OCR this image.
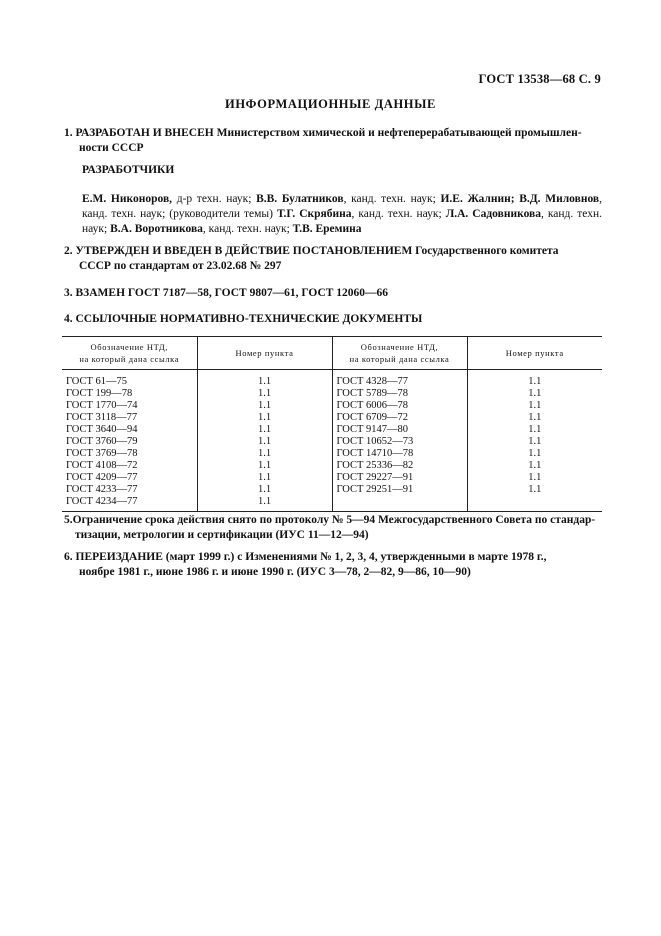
ГОСТ 13538—68 С. 9
ИНФОРМАЦИОННЫЕ ДАННЫЕ
1. РАЗРАБОТАН И ВНЕСЕН Министерством химической и нефтеперерабатывающей промышлен-
ности СССР
РАЗРАБОТЧИКИ
Е.М. Никоноров, д-р техн. наук; В.В. Булатников, канд. техн. наук; И.Е. Жалнин; В.Д. Миловнов, канд. техн. наук; (руководители темы) Т.Г. Скрябина, канд. техн. наук; Л.А. Садовникова, канд. техн. наук; В.А. Воротникова, канд. техн. наук; Т.В. Еремина
2. УТВЕРЖДЕН И ВВЕДЕН В ДЕЙСТВИЕ ПОСТАНОВЛЕНИЕМ Государственного комитета
СССР по стандартам от 23.02.68 № 297
3. ВЗАМЕН ГОСТ 7187—58, ГОСТ 9807—61, ГОСТ 12060—66
4. ССЫЛОЧНЫЕ НОРМАТИВНО-ТЕХНИЧЕСКИЕ ДОКУМЕНТЫ
Обозначение НТД,
на который дана ссылка	Номер пункта	Обозначение НТД,
на который дана ссылка	Номер пункта
ГОСТ 61—75	1.1	ГОСТ 4328—77	1.1
ГОСТ 199—78	1.1	ГОСТ 5789—78	1.1
ГОСТ 1770—74	1.1	ГОСТ 6006—78	1.1
ГОСТ 3118—77	1.1	ГОСТ 6709—72	1.1
ГОСТ 3640—94	1.1	ГОСТ 9147—80	1.1
ГОСТ 3760—79	1.1	ГОСТ 10652—73	1.1
ГОСТ 3769—78	1.1	ГОСТ 14710—78	1.1
ГОСТ 4108—72	1.1	ГОСТ 25336—82	1.1
ГОСТ 4209—77	1.1	ГОСТ 29227—91	1.1
ГОСТ 4233—77	1.1	ГОСТ 29251—91	1.1
ГОСТ 4234—77	1.1		

5.Ограничение срока действия снято по протоколу № 5—94 Межгосударственного Совета по стандар-
тизации, метрологии и сертификации (ИУС 11—12—94)
6. ПЕРЕИЗДАНИЕ (март 1999 г.) с Изменениями № 1, 2, 3, 4, утвержденными в марте 1978 г.,
ноябре 1981 г., июне 1986 г. и июне 1990 г. (ИУС 3—78, 2—82, 9—86, 10—90)
